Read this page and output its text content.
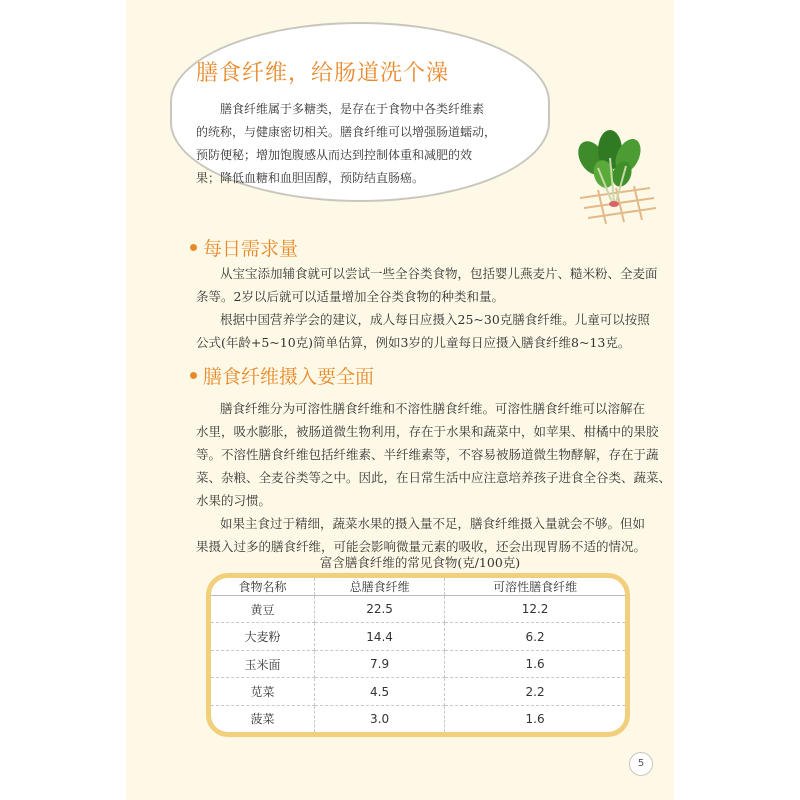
膳食纤维，给肠道洗个澡
膳食纤维属于多糖类，是存在于食物中各类纤维素
的统称，与健康密切相关。膳食纤维可以增强肠道蠕动，
预防便秘；增加饱腹感从而达到控制体重和减肥的效
果；降低血糖和血胆固醇，预防结直肠癌。
每日需求量
从宝宝添加辅食就可以尝试一些全谷类食物，包括婴儿燕麦片、糙米粉、全麦面
条等。2岁以后就可以适量增加全谷类食物的种类和量。
根据中国营养学会的建议，成人每日应摄入25~30克膳食纤维。儿童可以按照
公式(年龄+5~10克)简单估算，例如3岁的儿童每日应摄入膳食纤维8~13克。
膳食纤维摄入要全面
膳食纤维分为可溶性膳食纤维和不溶性膳食纤维。可溶性膳食纤维可以溶解在
水里，吸水膨胀，被肠道微生物利用，存在于水果和蔬菜中，如苹果、柑橘中的果胶
等。不溶性膳食纤维包括纤维素、半纤维素等，不容易被肠道微生物酵解，存在于蔬
菜、杂粮、全麦谷类等之中。因此，在日常生活中应注意培养孩子进食全谷类、蔬菜、
水果的习惯。
如果主食过于精细，蔬菜水果的摄入量不足，膳食纤维摄入量就会不够。但如
果摄入过多的膳食纤维，可能会影响微量元素的吸收，还会出现胃肠不适的情况。
富含膳食纤维的常见食物(克/100克)
食物名称	总膳食纤维	可溶性膳食纤维
黄豆	22.5	12.2
大麦粉	14.4	6.2
玉米面	7.9	1.6
苋菜	4.5	2.2
菠菜	3.0	1.6
5
